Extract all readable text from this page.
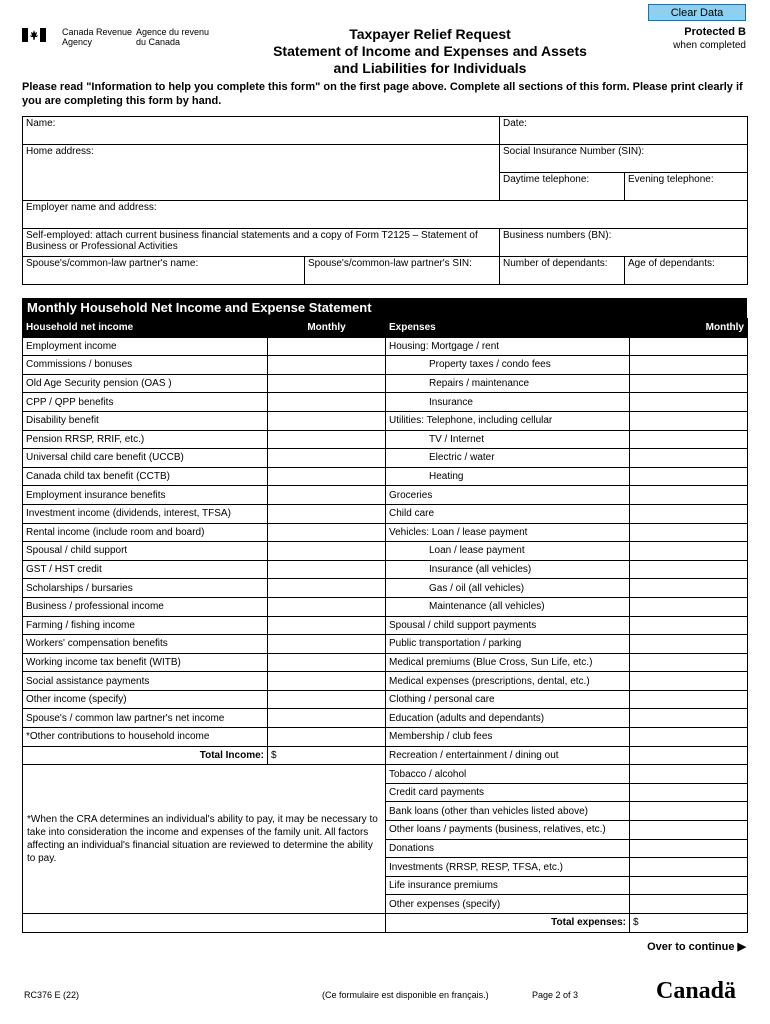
Clear Data
Canada Revenue
Agency
Agence du revenu
du Canada	Taxpayer Relief Request
Statement of Income and Expenses and Assets
and Liabilities for Individuals
Protected B
when completed
Please read "Information to help you complete this form" on the first page above. Complete all sections of this form. Please print clearly if you are completing this form by hand.
Name:		Date:	
Home address:		Social Insurance Number (SIN):	
		Daytime telephone:	Evening telephone:
Employer name and address:			
Self-employed: attach current business financial statements and a copy of Form T2125 – Statement of Business or Professional Activities		Business numbers (BN):	
Spouse's/common-law partner's name:	Spouse's/common-law partner's SIN:	Number of dependants:	Age of dependants:
Monthly Household Net Income and Expense Statement
Household net income	Monthly	Expenses	Monthly
Employment income		Housing: Mortgage / rent	
Commissions / bonuses		Property taxes / condo fees	
Old Age Security pension (OAS )		Repairs / maintenance	
CPP / QPP benefits		Insurance	
Disability benefit		Utilities: Telephone, including cellular	
Pension RRSP, RRIF, etc.)		TV / Internet	
Universal child care benefit (UCCB)		Electric / water	
Canada child tax benefit (CCTB)		Heating	
Employment insurance benefits		Groceries	
Investment income (dividends, interest, TFSA)		Child care	
Rental income (include room and board)		Vehicles: Loan / lease payment	
Spousal / child support		Loan / lease payment	
GST / HST credit		Insurance (all vehicles)	
Scholarships / bursaries		Gas / oil (all vehicles)	
Business / professional income		Maintenance (all vehicles)	
Farming / fishing income		Spousal / child support payments	
Workers' compensation benefits		Public transportation / parking	
Working income tax benefit (WITB)		Medical premiums (Blue Cross, Sun Life, etc.)	
Social assistance payments		Medical expenses (prescriptions, dental, etc.)	
Other income (specify)		Clothing / personal care	
Spouse's / common law partner's net income		Education (adults and dependants)	
*Other contributions to household income		Membership / club fees	
Total Income:	$	Recreation / entertainment / dining out	
*When the CRA determines an individual's ability to pay, it may be necessary to take into consideration the income and expenses of the family unit. All factors affecting an individual's financial situation are reviewed to determine the ability to pay.		Tobacco / alcohol	
		Credit card payments	
		Bank loans (other than vehicles listed above)	
		Other loans / payments (business, relatives, etc.)	
		Donations	
		Investments (RRSP, RESP, TFSA, etc.)	
		Life insurance premiums	
		Other expenses (specify)	
		Total expenses:	$
Over to continue ▶
RC376 E (22)	(Ce formulaire est disponible en français.)	Page 2 of 3	Canadä
